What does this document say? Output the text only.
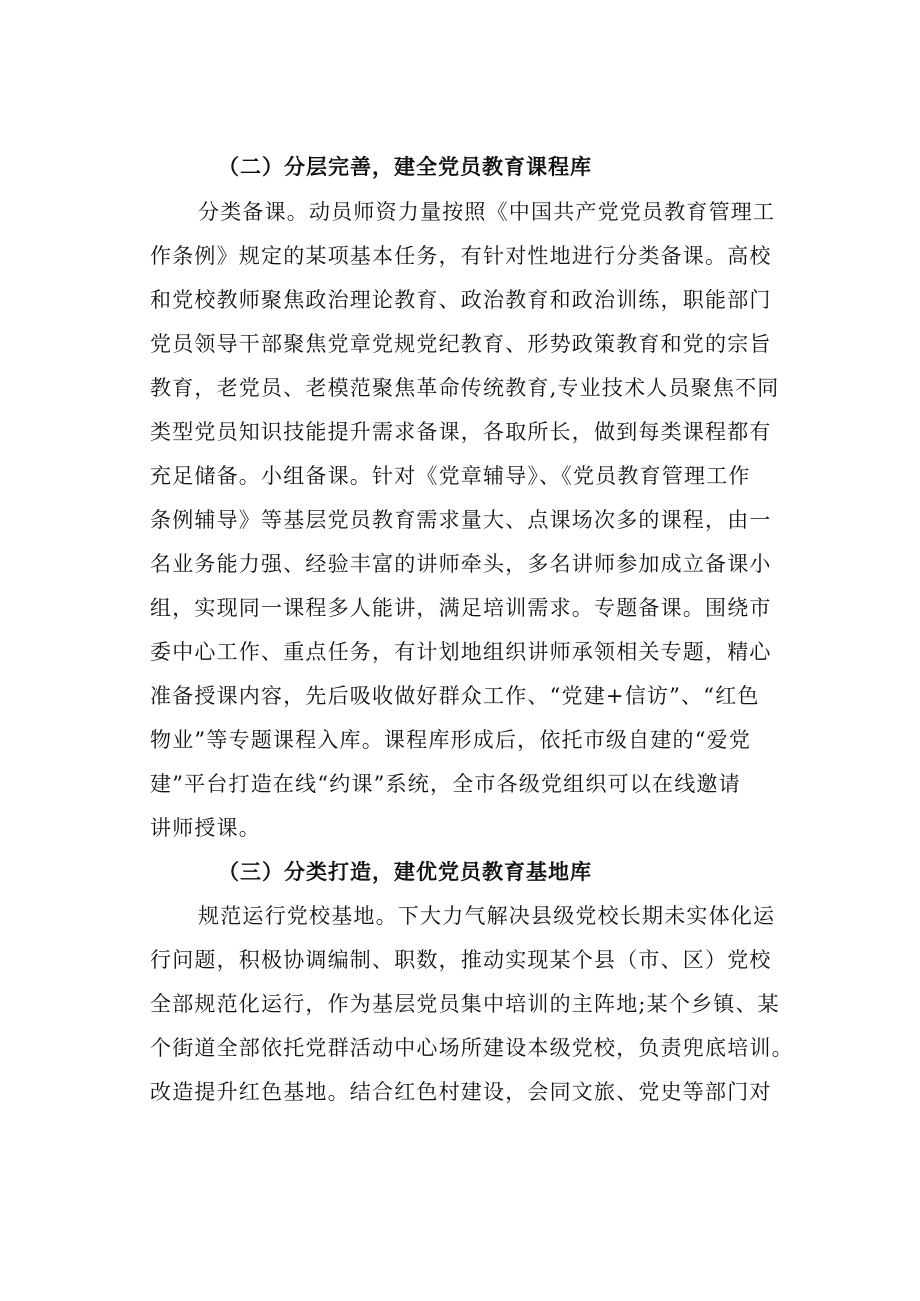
（二）分层完善，建全党员教育课程库
分类备课。动员师资力量按照《中国共产党党员教育管理工
作条例》规定的某项基本任务，有针对性地进行分类备课。高校
和党校教师聚焦政治理论教育、政治教育和政治训练，职能部门
党员领导干部聚焦党章党规党纪教育、形势政策教育和党的宗旨
教育，老党员、老模范聚焦革命传统教育,专业技术人员聚焦不同
类型党员知识技能提升需求备课，各取所长，做到每类课程都有
充足储备。小组备课。针对《党章辅导》、《党员教育管理工作
条例辅导》等基层党员教育需求量大、点课场次多的课程，由一
名业务能力强、经验丰富的讲师牵头，多名讲师参加成立备课小
组，实现同一课程多人能讲，满足培训需求。专题备课。围绕市
委中心工作、重点任务，有计划地组织讲师承领相关专题，精心
准备授课内容，先后吸收做好群众工作、“党建+信访”、“红色
物业”等专题课程入库。课程库形成后，依托市级自建的“爱党
建”平台打造在线“约课”系统，全市各级党组织可以在线邀请
讲师授课。
（三）分类打造，建优党员教育基地库
规范运行党校基地。下大力气解决县级党校长期未实体化运
行问题，积极协调编制、职数，推动实现某个县（市、区）党校
全部规范化运行，作为基层党员集中培训的主阵地;某个乡镇、某
个街道全部依托党群活动中心场所建设本级党校，负责兜底培训。
改造提升红色基地。结合红色村建设，会同文旅、党史等部门对
